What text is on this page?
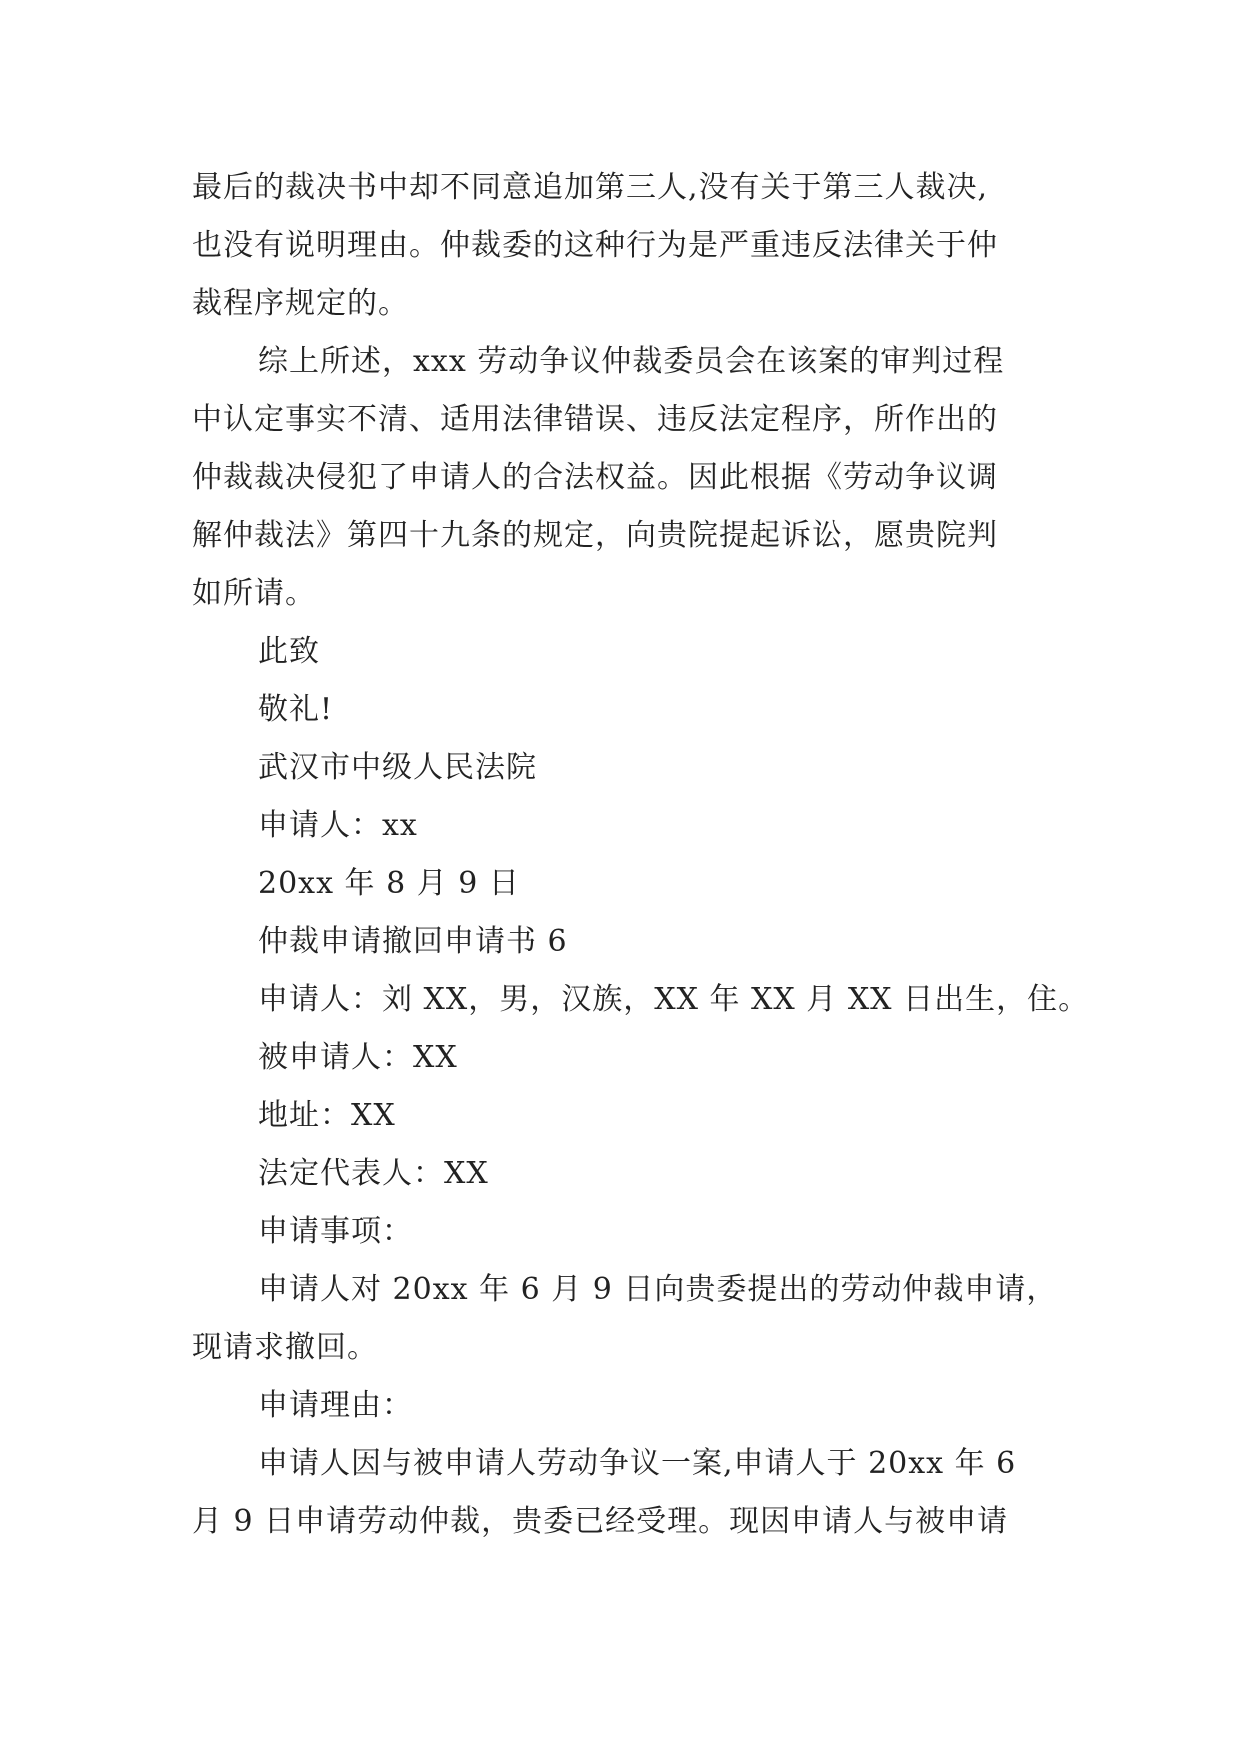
最后的裁决书中却不同意追加第三人,没有关于第三人裁决,
也没有说明理由。仲裁委的这种行为是严重违反法律关于仲
裁程序规定的。
综上所述，xxx 劳动争议仲裁委员会在该案的审判过程
中认定事实不清、适用法律错误、违反法定程序，所作出的
仲裁裁决侵犯了申请人的合法权益。因此根据《劳动争议调
解仲裁法》第四十九条的规定，向贵院提起诉讼，愿贵院判
如所请。
此致
敬礼!
武汉市中级人民法院
申请人：xx
20xx 年 8 月 9 日
仲裁申请撤回申请书 6
申请人：刘 XX，男，汉族，XX 年 XX 月 XX 日出生，住。
被申请人：XX
地址：XX
法定代表人：XX
申请事项：
申请人对 20xx 年 6 月 9 日向贵委提出的劳动仲裁申请，
现请求撤回。
申请理由：
申请人因与被申请人劳动争议一案,申请人于 20xx 年 6
月 9 日申请劳动仲裁，贵委已经受理。现因申请人与被申请
